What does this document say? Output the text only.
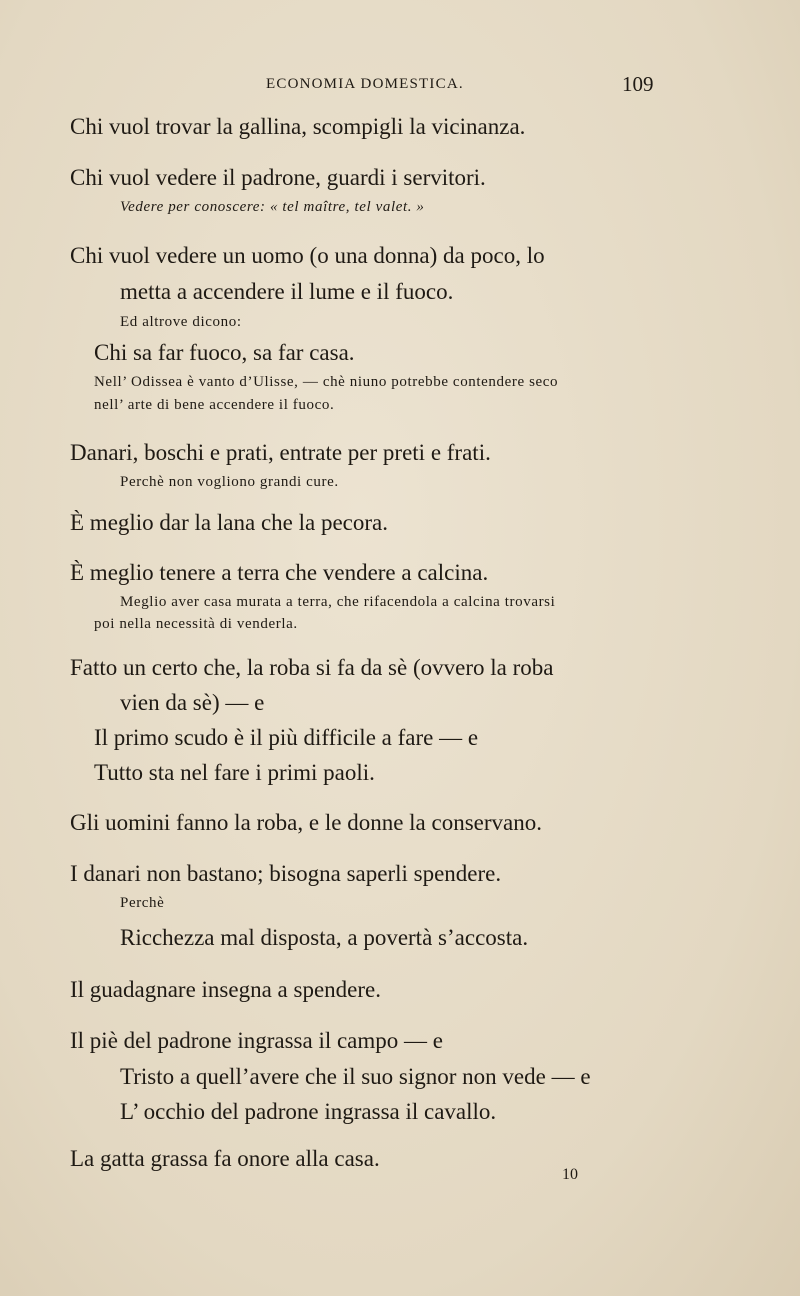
ECONOMIA DOMESTICA.	109
Chi vuol trovar la gallina, scompigli la vicinanza.
Chi vuol vedere il padrone, guardi i servitori.
Vedere per conoscere: « tel maître, tel valet. »
Chi vuol vedere un uomo (o una donna) da poco, lo
metta a accendere il lume e il fuoco.
Ed altrove dicono:
Chi sa far fuoco, sa far casa.
Nell’ Odissea è vanto d’Ulisse, — chè niuno potrebbe contendere seco
nell’ arte di bene accendere il fuoco.
Danari, boschi e prati, entrate per preti e frati.
Perchè non vogliono grandi cure.
È meglio dar la lana che la pecora.
È meglio tenere a terra che vendere a calcina.
Meglio aver casa murata a terra, che rifacendola a calcina trovarsi
poi nella necessità di venderla.
Fatto un certo che, la roba si fa da sè (ovvero la roba
vien da sè) — e
Il primo scudo è il più difficile a fare — e
Tutto sta nel fare i primi paoli.
Gli uomini fanno la roba, e le donne la conservano.
I danari non bastano; bisogna saperli spendere.
Perchè
Ricchezza mal disposta, a povertà s’accosta.
Il guadagnare insegna a spendere.
Il piè del padrone ingrassa il campo — e
Tristo a quell’avere che il suo signor non vede — e
L’ occhio del padrone ingrassa il cavallo.
La gatta grassa fa onore alla casa.
10
